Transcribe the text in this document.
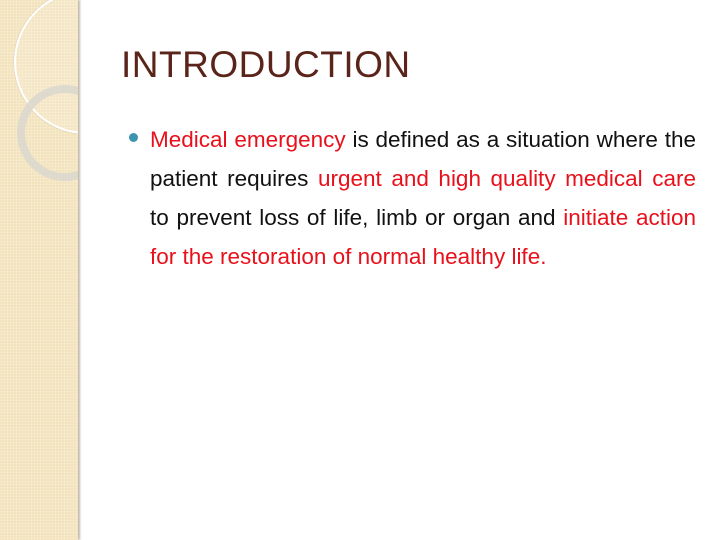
INTRODUCTION
Medical emergency is defined as a situation where the patient requires urgent and high quality medical care to prevent loss of life, limb or organ and initiate action for the restoration of normal healthy life.
